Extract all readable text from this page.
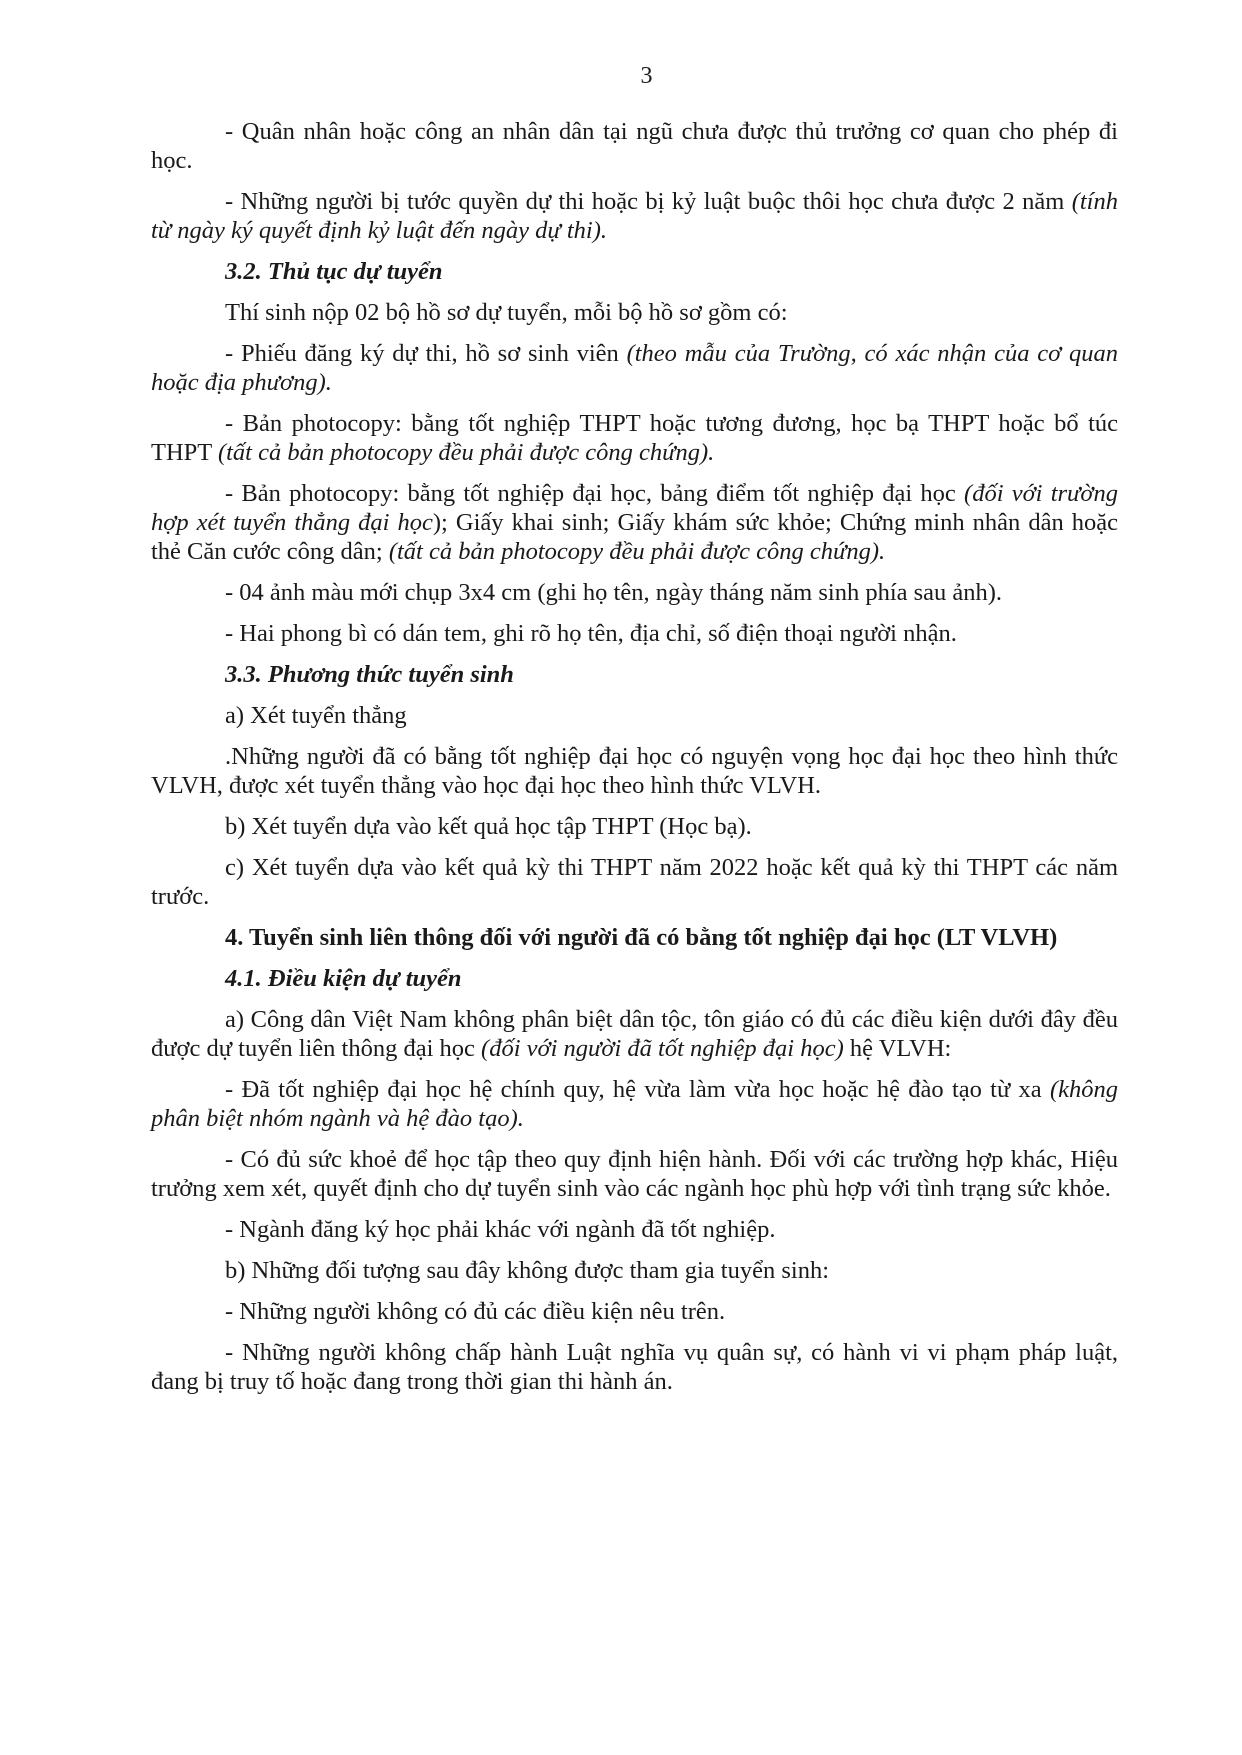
3

- Quân nhân hoặc công an nhân dân tại ngũ chưa được thủ trưởng cơ quan cho phép đi học.

- Những người bị tước quyền dự thi hoặc bị kỷ luật buộc thôi học chưa được 2 năm (tính từ ngày ký quyết định kỷ luật đến ngày dự thi).

3.2. Thủ tục dự tuyển

Thí sinh nộp 02 bộ hồ sơ dự tuyển, mỗi bộ hồ sơ gồm có:

- Phiếu đăng ký dự thi, hồ sơ sinh viên (theo mẫu của Trường, có xác nhận của cơ quan hoặc địa phương).

- Bản photocopy: bằng tốt nghiệp THPT hoặc tương đương, học bạ THPT hoặc bổ túc THPT (tất cả bản photocopy đều phải được công chứng).

- Bản photocopy: bằng tốt nghiệp đại học, bảng điểm tốt nghiệp đại học (đối với trường hợp xét tuyển thẳng đại học); Giấy khai sinh; Giấy khám sức khỏe; Chứng minh nhân dân hoặc thẻ Căn cước công dân; (tất cả bản photocopy đều phải được công chứng).

- 04 ảnh màu mới chụp 3x4 cm (ghi họ tên, ngày tháng năm sinh phía sau ảnh).

- Hai phong bì có dán tem, ghi rõ họ tên, địa chỉ, số điện thoại người nhận.

3.3. Phương thức tuyển sinh

a) Xét tuyển thẳng

.Những người đã có bằng tốt nghiệp đại học có nguyện vọng học đại học theo hình thức VLVH, được xét tuyển thẳng vào học đại học theo hình thức VLVH.

b) Xét tuyển dựa vào kết quả học tập THPT (Học bạ).

c) Xét tuyển dựa vào kết quả kỳ thi THPT năm 2022 hoặc kết quả kỳ thi THPT các năm trước.

4. Tuyển sinh liên thông đối với người đã có bằng tốt nghiệp đại học (LT VLVH)

4.1. Điều kiện dự tuyển

a) Công dân Việt Nam không phân biệt dân tộc, tôn giáo có đủ các điều kiện dưới đây đều được dự tuyển liên thông đại học (đối với người đã tốt nghiệp đại học) hệ VLVH:

- Đã tốt nghiệp đại học hệ chính quy, hệ vừa làm vừa học hoặc hệ đào tạo từ xa (không phân biệt nhóm ngành và hệ đào tạo).

- Có đủ sức khoẻ để học tập theo quy định hiện hành. Đối với các trường hợp khác, Hiệu trưởng xem xét, quyết định cho dự tuyển sinh vào các ngành học phù hợp với tình trạng sức khỏe.

- Ngành đăng ký học phải khác với ngành đã tốt nghiệp.

b) Những đối tượng sau đây không được tham gia tuyển sinh:

- Những người không có đủ các điều kiện nêu trên.

- Những người không chấp hành Luật nghĩa vụ quân sự, có hành vi vi phạm pháp luật, đang bị truy tố hoặc đang trong thời gian thi hành án.
